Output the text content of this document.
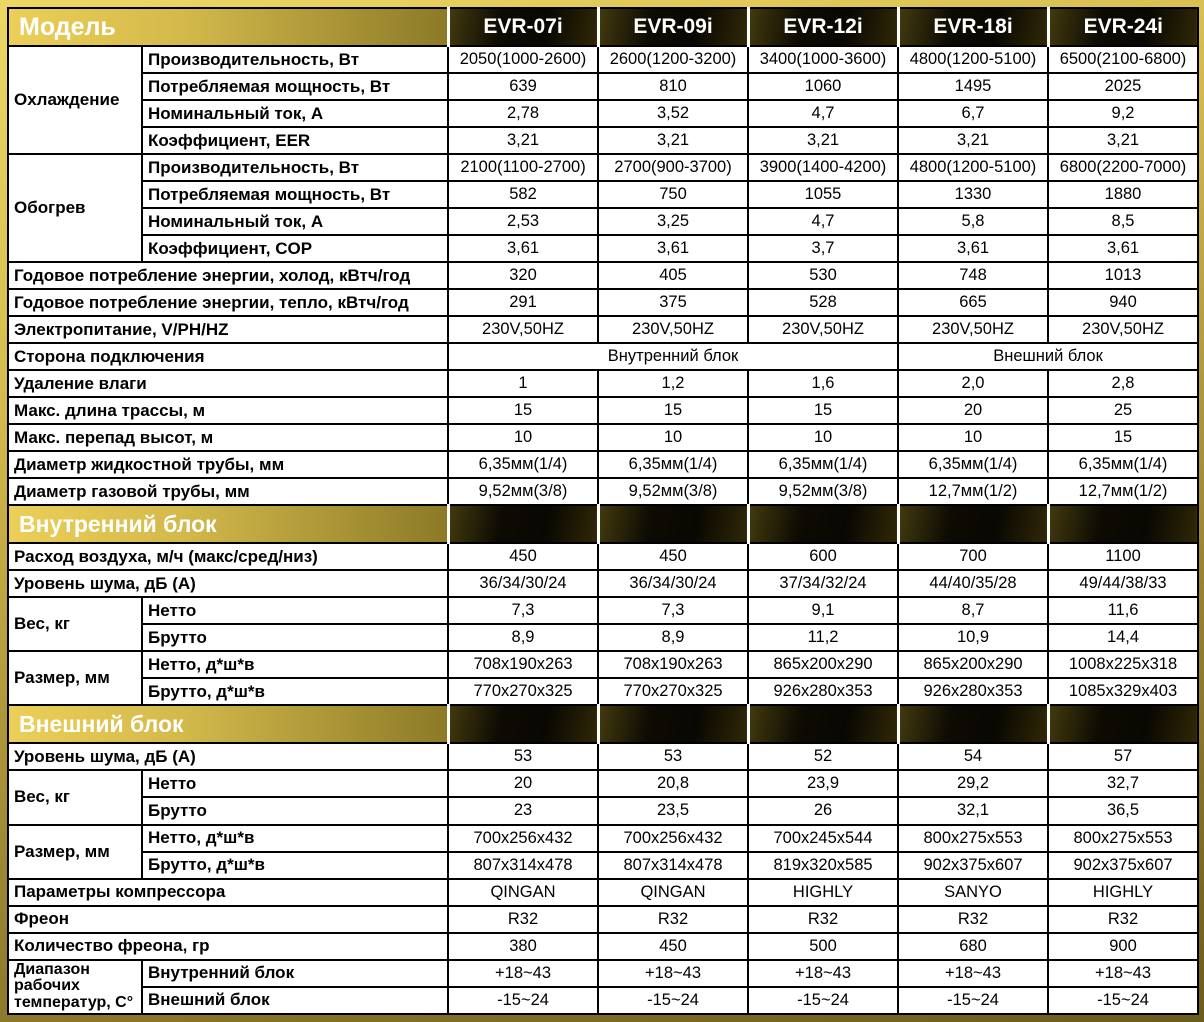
Модель		EVR-07i	EVR-09i	EVR-12i	EVR-18i	EVR-24i
Охлаждение	Производительность, Вт	2050(1000-2600)	2600(1200-3200)	3400(1000-3600)	4800(1200-5100)	6500(2100-6800)
	Потребляемая мощность, Вт	639	810	1060	1495	2025
	Номинальный ток, А	2,78	3,52	4,7	6,7	9,2
	Коэффициент, EER	3,21	3,21	3,21	3,21	3,21
Обогрев	Производительность, Вт	2100(1100-2700)	2700(900-3700)	3900(1400-4200)	4800(1200-5100)	6800(2200-7000)
	Потребляемая мощность, Вт	582	750	1055	1330	1880
	Номинальный ток, А	2,53	3,25	4,7	5,8	8,5
	Коэффициент, COP	3,61	3,61	3,7	3,61	3,61
Годовое потребление энергии, холод, кВтч/год		320	405	530	748	1013
Годовое потребление энергии, тепло, кВтч/год		291	375	528	665	940
Электропитание, V/PH/HZ		230V,50HZ	230V,50HZ	230V,50HZ	230V,50HZ	230V,50HZ
Сторона подключения		Внутренний блок			Внешний блок	
Удаление влаги		1	1,2	1,6	2,0	2,8
Макс. длина трассы, м		15	15	15	20	25
Макс. перепад высот, м		10	10	10	10	15
Диаметр жидкостной трубы, мм		6,35мм(1/4)	6,35мм(1/4)	6,35мм(1/4)	6,35мм(1/4)	6,35мм(1/4)
Диаметр газовой трубы, мм		9,52мм(3/8)	9,52мм(3/8)	9,52мм(3/8)	12,7мм(1/2)	12,7мм(1/2)
Внутренний блок						
Расход воздуха, м/ч (макс/сред/низ)		450	450	600	700	1100
Уровень шума, дБ (А)		36/34/30/24	36/34/30/24	37/34/32/24	44/40/35/28	49/44/38/33
Вес, кг	Нетто	7,3	7,3	9,1	8,7	11,6
	Брутто	8,9	8,9	11,2	10,9	14,4
Размер, мм	Нетто, д*ш*в	708x190x263	708x190x263	865x200x290	865x200x290	1008x225x318
	Брутто, д*ш*в	770x270x325	770x270x325	926x280x353	926x280x353	1085x329x403
Внешний блок						
Уровень шума, дБ (А)		53	53	52	54	57
Вес, кг	Нетто	20	20,8	23,9	29,2	32,7
	Брутто	23	23,5	26	32,1	36,5
Размер, мм	Нетто, д*ш*в	700x256x432	700x256x432	700x245x544	800x275x553	800x275x553
	Брутто, д*ш*в	807x314x478	807x314x478	819x320x585	902x375x607	902x375x607
Параметры компрессора		QINGAN	QINGAN	HIGHLY	SANYO	HIGHLY
Фреон		R32	R32	R32	R32	R32
Количество фреона, гр		380	450	500	680	900
Диапазон рабочих температур, С°	Внутренний блок	+18~43	+18~43	+18~43	+18~43	+18~43
	Внешний блок	-15~24	-15~24	-15~24	-15~24	-15~24
